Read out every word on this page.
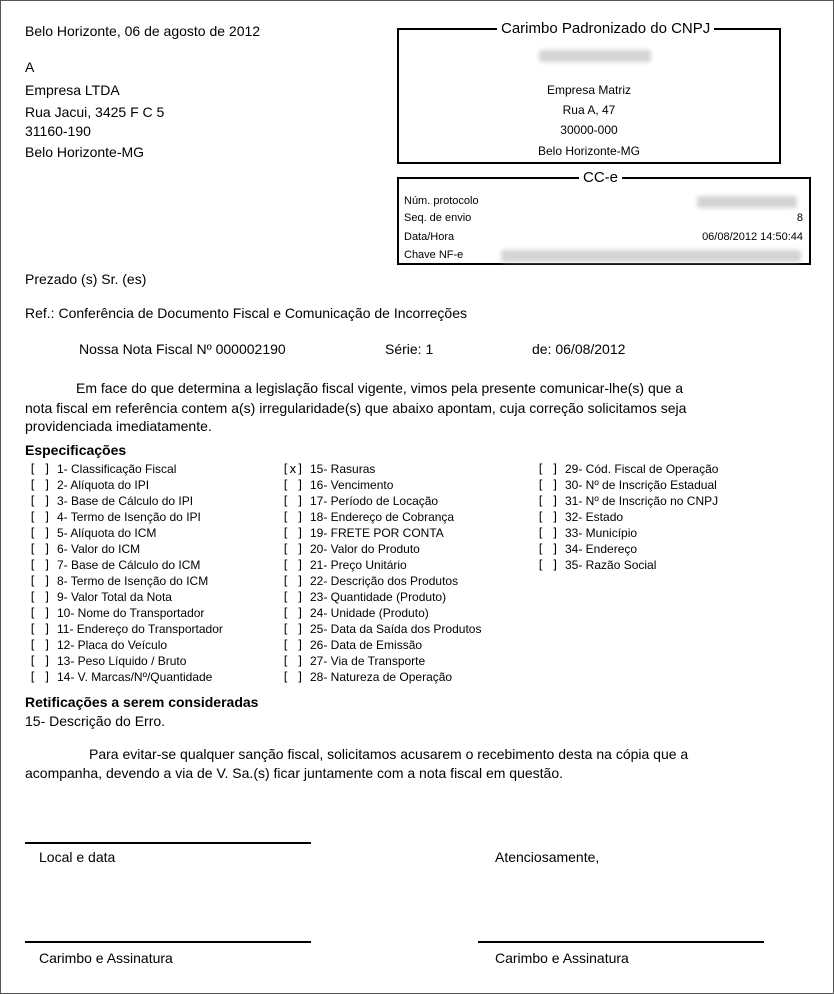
Belo Horizonte, 06 de agosto de 2012
A
Empresa LTDA
Rua Jacui, 3425 F C 5
31160-190
Belo Horizonte-MG
Carimbo Padronizado do CNPJ
Empresa Matriz
Rua A, 47
30000-000
Belo Horizonte-MG
CC-e
Núm. protocolo
Seq. de envio	8
Data/Hora	06/08/2012 14:50:44
Chave NF-e
Prezado (s) Sr. (es)
Ref.: Conferência de Documento Fiscal e Comunicação de Incorreções
Nossa Nota Fiscal Nº 000002190	Série: 1	de: 06/08/2012
Em face do que determina a legislação fiscal vigente, vimos pela presente comunicar-lhe(s) que a
nota fiscal em referência contem a(s) irregularidade(s) que abaixo apontam, cuja correção solicitamos seja
providenciada imediatamente.
Especificações
[ ] 1- Classificação Fiscal
[ ] 2- Alíquota do IPI
[ ] 3- Base de Cálculo do IPI
[ ] 4- Termo de Isenção do IPI
[ ] 5- Alíquota do ICM
[ ] 6- Valor do ICM
[ ] 7- Base de Cálculo do ICM
[ ] 8- Termo de Isenção do ICM
[ ] 9- Valor Total da Nota
[ ] 10- Nome do Transportador
[ ] 11- Endereço do Transportador
[ ] 12- Placa do Veículo
[ ] 13- Peso Líquido / Bruto
[ ] 14- V. Marcas/Nº/Quantidade
[x] 15- Rasuras
[ ] 16- Vencimento
[ ] 17- Período de Locação
[ ] 18- Endereço de Cobrança
[ ] 19- FRETE POR CONTA
[ ] 20- Valor do Produto
[ ] 21- Preço Unitário
[ ] 22- Descrição dos Produtos
[ ] 23- Quantidade (Produto)
[ ] 24- Unidade (Produto)
[ ] 25- Data da Saída dos Produtos
[ ] 26- Data de Emissão
[ ] 27- Via de Transporte
[ ] 28- Natureza de Operação
[ ] 29- Cód. Fiscal de Operação
[ ] 30- Nº de Inscrição Estadual
[ ] 31- Nº de Inscrição no CNPJ
[ ] 32- Estado
[ ] 33- Município
[ ] 34- Endereço
[ ] 35- Razão Social
Retificações a serem consideradas
15- Descrição do Erro.
Para evitar-se qualquer sanção fiscal, solicitamos acusarem o recebimento desta na cópia que a
acompanha, devendo a via de V. Sa.(s) ficar juntamente com a nota fiscal em questão.
Local e data	Atenciosamente,
Carimbo e Assinatura	Carimbo e Assinatura
